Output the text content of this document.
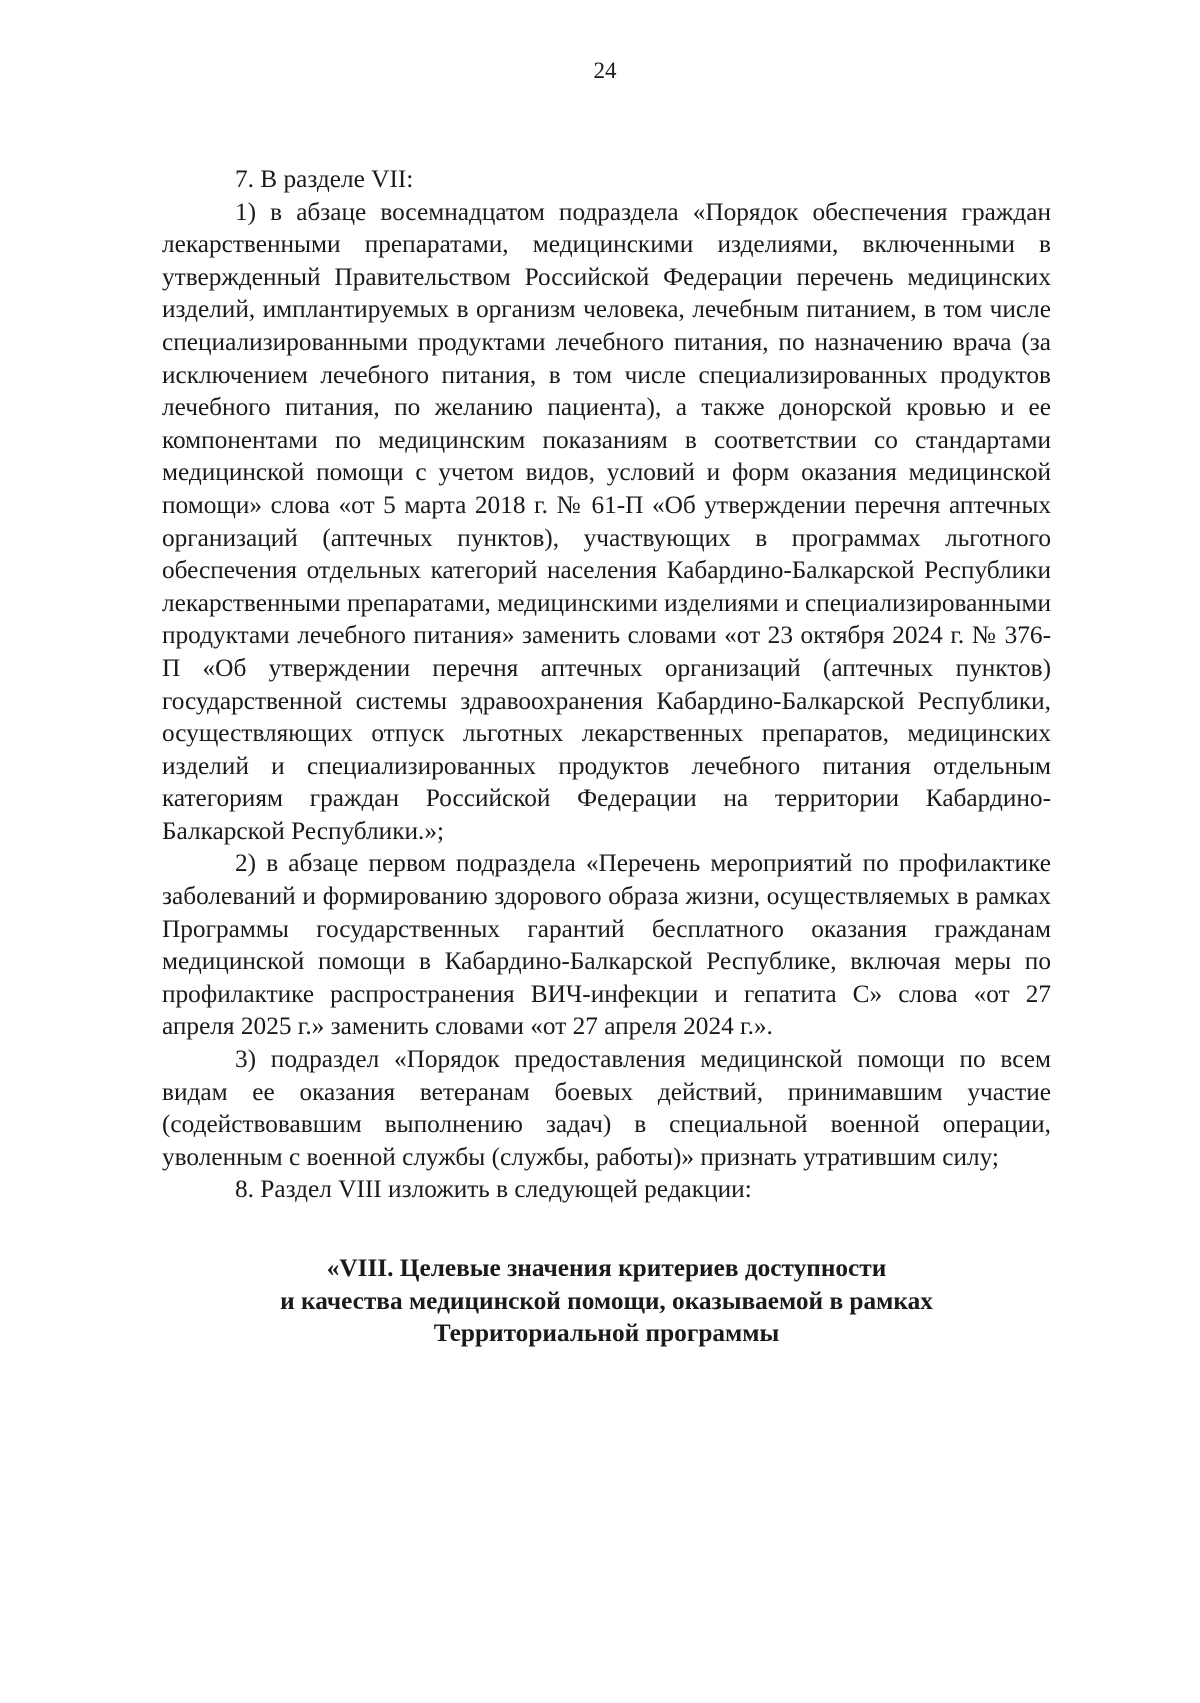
24

7. В разделе VII:

1) в абзаце восемнадцатом подраздела «Порядок обеспечения граждан лекарственными препаратами, медицинскими изделиями, включенными в утвержденный Правительством Российской Федерации перечень медицинских изделий, имплантируемых в организм человека, лечебным питанием, в том числе специализированными продуктами лечебного питания, по назначению врача (за исключением лечебного питания, в том числе специализированных продуктов лечебного питания, по желанию пациента), а также донорской кровью и ее компонентами по медицинским показаниям в соответствии со стандартами медицинской помощи с учетом видов, условий и форм оказания медицинской помощи» слова «от 5 марта 2018 г. № 61-П «Об утверждении перечня аптечных организаций (аптечных пунктов), участвующих в программах льготного обеспечения отдельных категорий населения Кабардино-Балкарской Республики лекарственными препаратами, медицинскими изделиями и специализированными продуктами лечебного питания» заменить словами «от 23 октября 2024 г. № 376-П «Об утверждении перечня аптечных организаций (аптечных пунктов) государственной системы здравоохранения Кабардино-Балкарской Республики, осуществляющих отпуск льготных лекарственных препаратов, медицинских изделий и специализированных продуктов лечебного питания отдельным категориям граждан Российской Федерации на территории Кабардино-Балкарской Республики.»;

2) в абзаце первом подраздела «Перечень мероприятий по профилактике заболеваний и формированию здорового образа жизни, осуществляемых в рамках Программы государственных гарантий бесплатного оказания гражданам медицинской помощи в Кабардино-Балкарской Республике, включая меры по профилактике распространения ВИЧ-инфекции и гепатита С» слова «от 27 апреля 2025 г.» заменить словами «от 27 апреля 2024 г.».

3) подраздел «Порядок предоставления медицинской помощи по всем видам ее оказания ветеранам боевых действий, принимавшим участие (содействовавшим выполнению задач) в специальной военной операции, уволенным с военной службы (службы, работы)» признать утратившим силу;

8. Раздел VIII изложить в следующей редакции:

«VIII. Целевые значения критериев доступности
и качества медицинской помощи, оказываемой в рамках
Территориальной программы
